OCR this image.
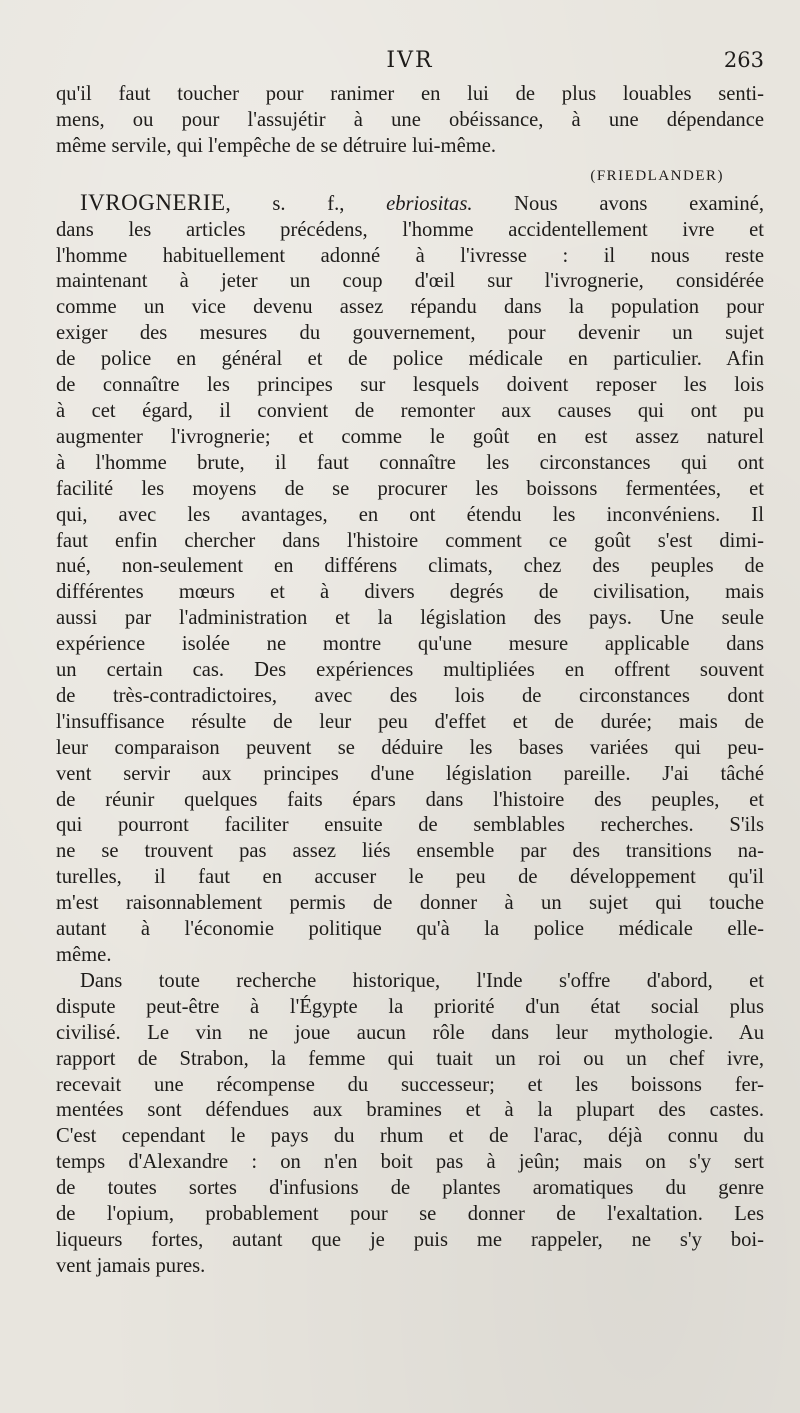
IVR	263

qu'il faut toucher pour ranimer en lui de plus louables senti-
mens, ou pour l'assujétir à une obéissance, à une dépendance
même servile, qui l'empêche de se détruire lui-même.

(FRIEDLANDER)

IVROGNERIE, s. f., ebriositas. Nous avons examiné,
dans les articles précédens, l'homme accidentellement ivre et
l'homme habituellement adonné à l'ivresse : il nous reste
maintenant à jeter un coup d'œil sur l'ivrognerie, considérée
comme un vice devenu assez répandu dans la population pour
exiger des mesures du gouvernement, pour devenir un sujet
de police en général et de police médicale en particulier. Afin
de connaître les principes sur lesquels doivent reposer les lois
à cet égard, il convient de remonter aux causes qui ont pu
augmenter l'ivrognerie; et comme le goût en est assez naturel
à l'homme brute, il faut connaître les circonstances qui ont
facilité les moyens de se procurer les boissons fermentées, et
qui, avec les avantages, en ont étendu les inconvéniens. Il
faut enfin chercher dans l'histoire comment ce goût s'est dimi-
nué, non-seulement en différens climats, chez des peuples de
différentes mœurs et à divers degrés de civilisation, mais
aussi par l'administration et la législation des pays. Une seule
expérience isolée ne montre qu'une mesure applicable dans
un certain cas. Des expériences multipliées en offrent souvent
de très-contradictoires, avec des lois de circonstances dont
l'insuffisance résulte de leur peu d'effet et de durée; mais de
leur comparaison peuvent se déduire les bases variées qui peu-
vent servir aux principes d'une législation pareille. J'ai tâché
de réunir quelques faits épars dans l'histoire des peuples, et
qui pourront faciliter ensuite de semblables recherches. S'ils
ne se trouvent pas assez liés ensemble par des transitions na-
turelles, il faut en accuser le peu de développement qu'il
m'est raisonnablement permis de donner à un sujet qui touche
autant à l'économie politique qu'à la police médicale elle-
même.

Dans toute recherche historique, l'Inde s'offre d'abord, et
dispute peut-être à l'Égypte la priorité d'un état social plus
civilisé. Le vin ne joue aucun rôle dans leur mythologie. Au
rapport de Strabon, la femme qui tuait un roi ou un chef ivre,
recevait une récompense du successeur; et les boissons fer-
mentées sont défendues aux bramines et à la plupart des castes.
C'est cependant le pays du rhum et de l'arac, déjà connu du
temps d'Alexandre : on n'en boit pas à jeûn; mais on s'y sert
de toutes sortes d'infusions de plantes aromatiques du genre
de l'opium, probablement pour se donner de l'exaltation. Les
liqueurs fortes, autant que je puis me rappeler, ne s'y boi-
vent jamais pures.
